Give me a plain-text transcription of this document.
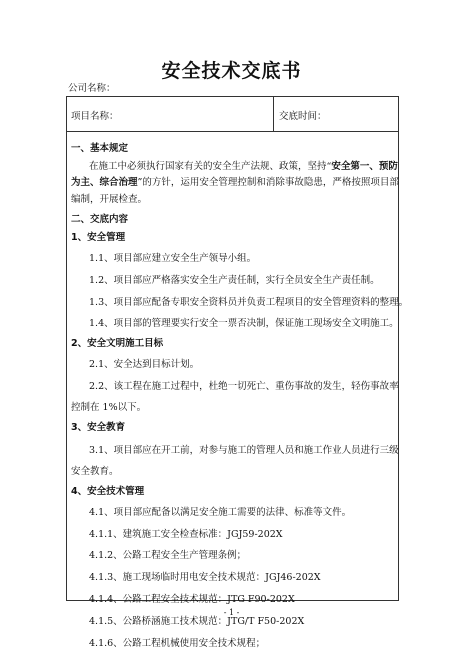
安全技术交底书
公司名称：
项目名称：	交底时间：
一、基本规定
在施工中必须执行国家有关的安全生产法规、政策，坚持“安全第一、预防
为主、综合治理”的方针，运用安全管理控制和消除事故隐患，严格按照项目部
编制，开展检查。
二、交底内容
1、安全管理
1.1、项目部应建立安全生产领导小组。
1.2、项目部应严格落实安全生产责任制，实行全员安全生产责任制。
1.3、项目部应配备专职安全资料员并负责工程项目的安全管理资料的整理。
1.4、项目部的管理要实行安全一票否决制，保证施工现场安全文明施工。
2、安全文明施工目标
2.1、安全达到目标计划。
2.2、该工程在施工过程中，杜绝一切死亡、重伤事故的发生，轻伤事故率
控制在 1%以下。
3、安全教育
3.1、项目部应在开工前，对参与施工的管理人员和施工作业人员进行三级
安全教育。
4、安全技术管理
4.1、项目部应配备以满足安全施工需要的法律、标准等文件。
4.1.1、建筑施工安全检查标准：JGJ59-202X
4.1.2、公路工程安全生产管理条例；
4.1.3、施工现场临时用电安全技术规范：JGJ46-202X
4.1.4、公路工程安全技术规范：JTG F90-202X
4.1.5、公路桥涵施工技术规范：JTG/T F50-202X
4.1.6、公路工程机械使用安全技术规程；
- 1 -
